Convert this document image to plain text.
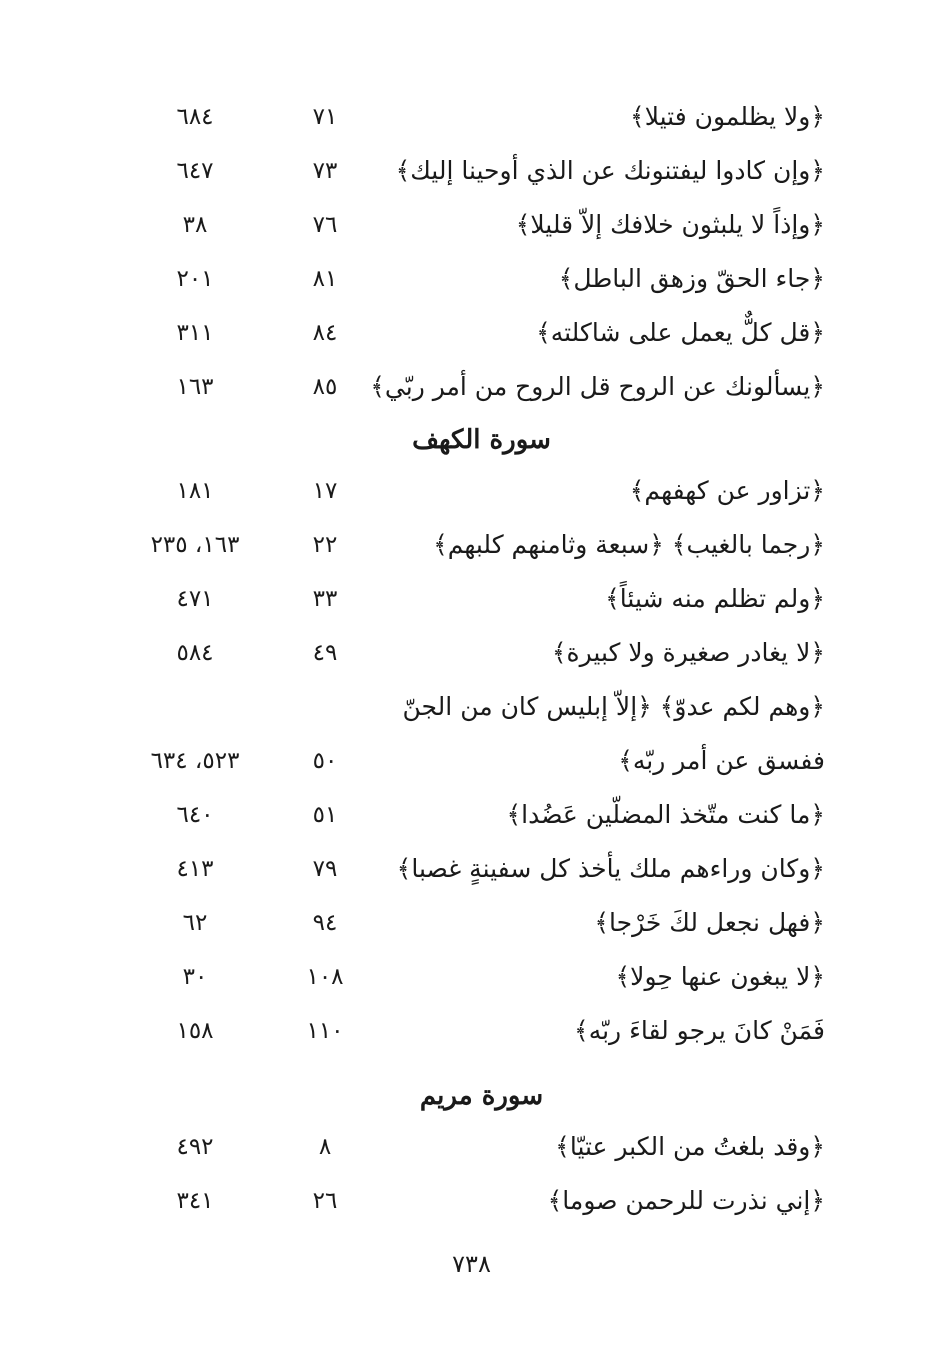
﴿ولا يظلمون فتيلا﴾
٧١
٦٨٤
﴿وإن كادوا ليفتنونك عن الذي أوحينا إليك﴾
٧٣
٦٤٧
﴿وإذاً لا يلبثون خلافك إلاّ قليلا﴾
٧٦
٣٨
﴿جاء الحقّ وزهق الباطل﴾
٨١
٢٠١
﴿قل كلٌّ يعمل على شاكلته﴾
٨٤
٣١١
﴿يسألونك عن الروح قل الروح من أمر ربّي﴾
٨٥
١٦٣
سورة الكهف
﴿تزاور عن كهفهم﴾
١٧
١٨١
﴿رجما بالغيب﴾ ﴿سبعة وثامنهم كلبهم﴾
٢٢
١٦٣، ٢٣٥
﴿ولم تظلم منه شيئاً﴾
٣٣
٤٧١
﴿لا يغادر صغيرة ولا كبيرة﴾
٤٩
٥٨٤
﴿وهم لكم عدوّ﴾ ﴿إلاّ إبليس كان من الجنّ
ففسق عن أمر ربّه﴾
٥٠
٥٢٣، ٦٣٤
﴿ما كنت متّخذ المضلّين عَضُدا﴾
٥١
٦٤٠
﴿وكان وراءهم ملك يأخذ كل سفينةٍ غصبا﴾
٧٩
٤١٣
﴿فهل نجعل لكَ خَرْجا﴾
٩٤
٦٢
﴿لا يبغون عنها حِولا﴾
١٠٨
٣٠
فَمَنْ كانَ يرجو لقاءَ ربّه﴾
١١٠
١٥٨
سورة مريم
﴿وقد بلغتُ من الكبر عتيّا﴾
٨
٤٩٢
﴿إني نذرت للرحمن صوما﴾
٢٦
٣٤١
٧٣٨
